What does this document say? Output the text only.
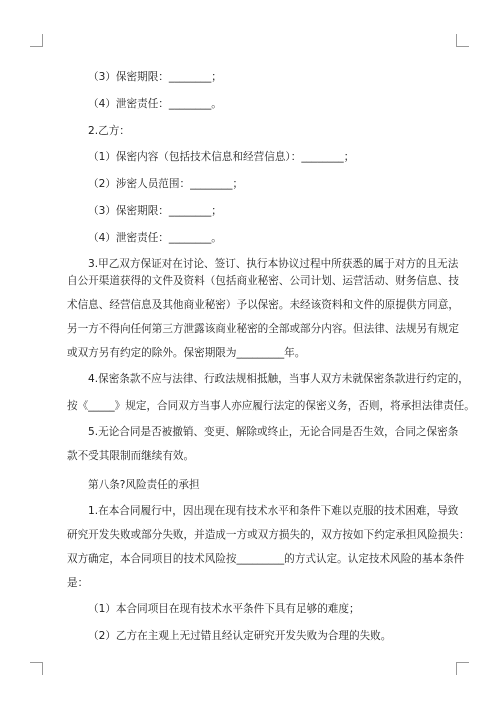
（3）保密期限：________；
（4）泄密责任：________。
2.乙方：
（1）保密内容（包括技术信息和经营信息）：________；
（2）涉密人员范围：________；
（3）保密期限：________；
（4）泄密责任：________。
3.甲乙双方保证对在讨论、签订、执行本协议过程中所获悉的属于对方的且无法
自公开渠道获得的文件及资料（包括商业秘密、公司计划、运营活动、财务信息、技
术信息、经营信息及其他商业秘密）予以保密。未经该资料和文件的原提供方同意，
另一方不得向任何第三方泄露该商业秘密的全部或部分内容。但法律、法规另有规定
或双方另有约定的除外。保密期限为_________年。
4.保密条款不应与法律、行政法规相抵触，当事人双方未就保密条款进行约定的，
按《_____》规定，合同双方当事人亦应履行法定的保密义务，否则，将承担法律责任。
5.无论合同是否被撤销、变更、解除或终止，无论合同是否生效，合同之保密条
款不受其限制而继续有效。
第八条?风险责任的承担
1.在本合同履行中，因出现在现有技术水平和条件下难以克服的技术困难，导致
研究开发失败或部分失败，并造成一方或双方损失的，双方按如下约定承担风险损失：
双方确定，本合同项目的技术风险按_________的方式认定。认定技术风险的基本条件
是：
（1）本合同项目在现有技术水平条件下具有足够的难度；
（2）乙方在主观上无过错且经认定研究开发失败为合理的失败。
